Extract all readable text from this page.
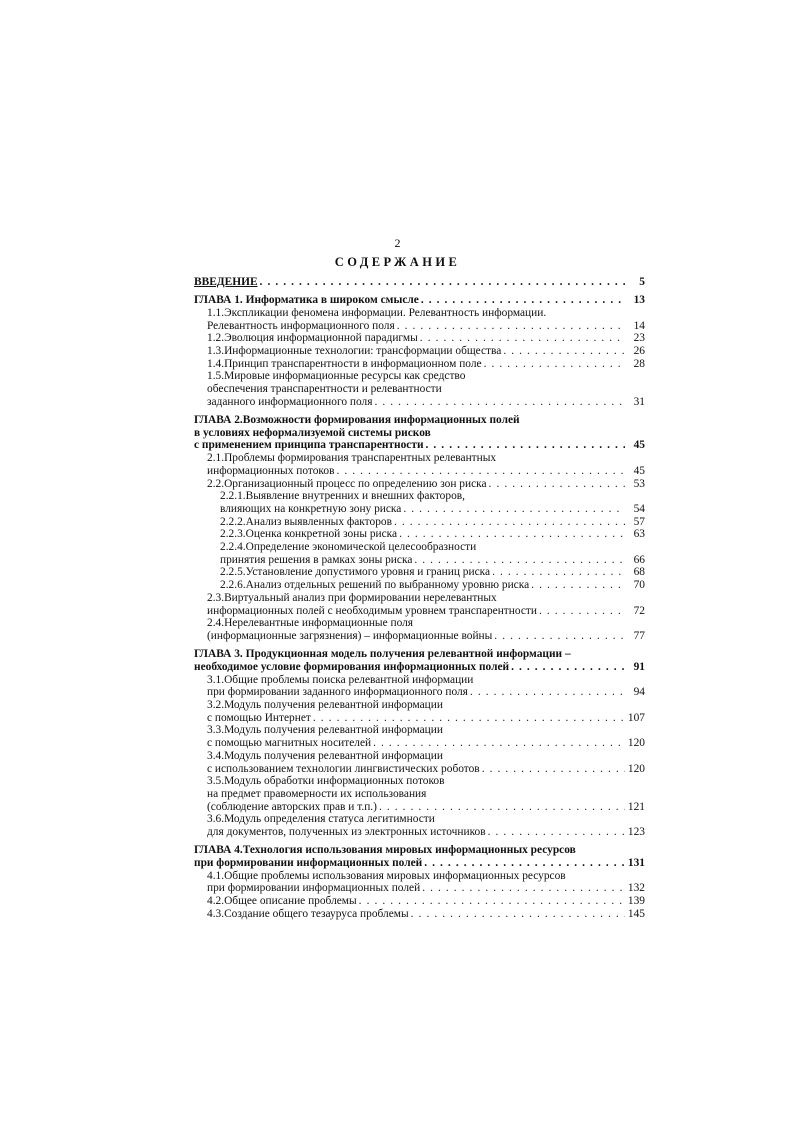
2
СОДЕРЖАНИЕ
ВВЕДЕНИЕ . . .	5
ГЛАВА 1. Информатика в широком смысле . . .	13
1.1.Экспликации феномена информации. Релевантность информации.
Релевантность информационного поля . . .	14
1.2.Эволюция информационной парадигмы . . .	23
1.3.Информационные технологии: трансформации общества . . .	26
1.4.Принцип транспарентности в информационном поле . . .	28
1.5.Мировые информационные ресурсы как средство
обеспечения транспарентности и релевантности
заданного информационного поля . . .	31
ГЛАВА 2.Возможности формирования информационных полей
в условиях неформализуемой системы рисков
с применением принципа транспарентности . . .	45
2.1.Проблемы формирования транспарентных релевантных
информационных потоков . . .	45
2.2.Организационный процесс по определению зон риска . . .	53
2.2.1.Выявление внутренних и внешних факторов,
влияющих на конкретную зону риска . . .	54
2.2.2.Анализ выявленных факторов . . .	57
2.2.3.Оценка конкретной зоны риска . . .	63
2.2.4.Определение экономической целесообразности
принятия решения в рамках зоны риска . . .	66
2.2.5.Установление допустимого уровня и границ риска . . .	68
2.2.6.Анализ отдельных решений по выбранному уровню риска . . .	70
2.3.Виртуальный анализ при формировании нерелевантных
информационных полей с необходимым уровнем транспарентности . . .	72
2.4.Нерелевантные информационные поля
(информационные загрязнения) – информационные войны . . .	77
ГЛАВА 3. Продукционная модель получения релевантной информации –
необходимое условие формирования информационных полей . . .	91
3.1.Общие проблемы поиска релевантной информации
при формировании заданного информационного поля . . .	94
3.2.Модуль получения релевантной информации
с помощью Интернет . . .	107
3.3.Модуль получения релевантной информации
с помощью магнитных носителей . . .	120
3.4.Модуль получения релевантной информации
с использованием технологии лингвистических роботов . . .	120
3.5.Модуль обработки информационных потоков
на предмет правомерности их использования
(соблюдение авторских прав и т.п.) . . .	121
3.6.Модуль определения статуса легитимности
для документов, полученных из электронных источников . . .	123
ГЛАВА 4.Технология использования мировых информационных ресурсов
при формировании информационных полей . . .	131
4.1.Общие проблемы использования мировых информационных ресурсов
при формировании информационных полей . . .	132
4.2.Общее описание проблемы . . .	139
4.3.Создание общего тезауруса проблемы . . .	145
